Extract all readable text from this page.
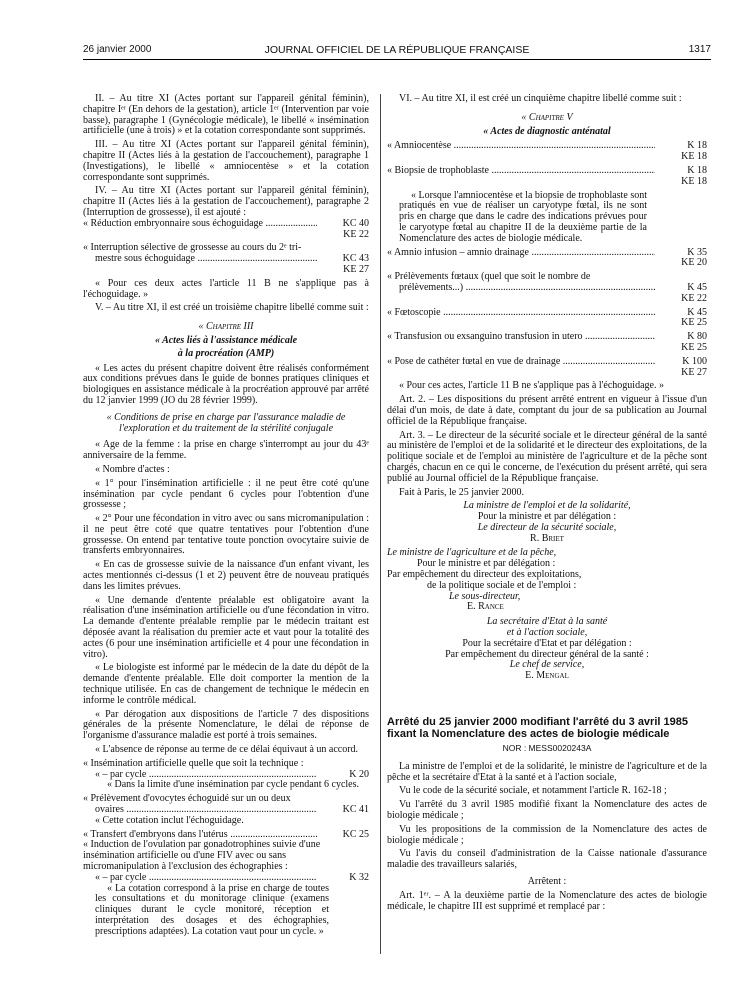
26 janvier 2000	JOURNAL OFFICIEL DE LA RÉPUBLIQUE FRANÇAISE	1317

II. – Au titre XI (Actes portant sur l'appareil génital féminin), chapitre Iᵉʳ (En dehors de la gestation), article 1ᵉʳ (Intervention par voie basse), paragraphe 1 (Gynécologie médicale), le libellé « insémination artificielle (une à trois) » et la cotation correspondante sont supprimés.

III. – Au titre XI (Actes portant sur l'appareil génital féminin), chapitre II (Actes liés à la gestation de l'accouchement), paragraphe 1 (Investigations), le libellé « amniocentèse » et la cotation correspondante sont supprimés.

IV. – Au titre XI (Actes portant sur l'appareil génital féminin), chapitre II (Actes liés à la gestation de l'accouchement), paragraphe 2 (Interruption de grossesse), il est ajouté :

« Réduction embryonnaire sous échoguidage .....	KC 40
KE 22
« Interruption sélective de grossesse au cours du 2ᵉ tri-
mestre sous échoguidage .....	KC 43
KE 27

« Pour ces deux actes l'article 11 B ne s'applique pas à l'échoguidage. »

V. – Au titre XI, il est créé un troisième chapitre libellé comme suit :

« Chapitre III

« Actes liés à l'assistance médicale

à la procréation (AMP)

« Les actes du présent chapitre doivent être réalisés conformément aux conditions prévues dans le guide de bonnes pratiques cliniques et biologiques en assistance médicale à la procréation approuvé par arrêté du 12 janvier 1999 (JO du 28 février 1999).

« Conditions de prise en charge par l'assurance maladie de l'exploration et du traitement de la stérilité conjugale

« Age de la femme : la prise en charge s'interrompt au jour du 43ᵉ anniversaire de la femme.

« Nombre d'actes :

« 1° pour l'insémination artificielle : il ne peut être coté qu'une insémination par cycle pendant 6 cycles pour l'obtention d'une grossesse ;

« 2° Pour une fécondation in vitro avec ou sans micromanipulation : il ne peut être coté que quatre tentatives pour l'obtention d'une grossesse. On entend par tentative toute ponction ovocytaire suivie de transferts embryonnaires.

« En cas de grossesse suivie de la naissance d'un enfant vivant, les actes mentionnés ci-dessus (1 et 2) peuvent être de nouveau pratiqués dans les limites prévues.

« Une demande d'entente préalable est obligatoire avant la réalisation d'une insémination artificielle ou d'une fécondation in vitro. La demande d'entente préalable remplie par le médecin traitant est déposée avant la réalisation du premier acte et vaut pour la totalité des actes (6 pour une insémination artificielle et 4 pour une fécondation in vitro).

« Le biologiste est informé par le médecin de la date du dépôt de la demande d'entente préalable. Elle doit comporter la mention de la technique utilisée. En cas de changement de technique le médecin en informe le contrôle médical.

« Par dérogation aux dispositions de l'article 7 des dispositions générales de la présente Nomenclature, le délai de réponse de l'organisme d'assurance maladie est porté à trois semaines.

« L'absence de réponse au terme de ce délai équivaut à un accord.

« Insémination artificielle quelle que soit la technique :
« – par cycle .....	K 20

« Dans la limite d'une insémination par cycle pendant 6 cycles.

« Prélèvement d'ovocytes échoguidé sur un ou deux
ovaires .....	KC 41

« Cette cotation inclut l'échoguidage.

« Transfert d'embryons dans l'utérus .....	KC 25
« Induction de l'ovulation par gonadotrophines suivie d'une insémination artificielle ou d'une FIV avec ou sans micromanipulation à l'exclusion des échographies :
« – par cycle .....	K 32

« La cotation correspond à la prise en charge de toutes les consultations et du monitorage clinique (examens cliniques durant le cycle monitoré, réception et interprétation des dosages et des échographies, prescriptions adaptées). La cotation vaut pour un cycle. »

VI. – Au titre XI, il est créé un cinquième chapitre libellé comme suit :

« Chapitre V

« Actes de diagnostic anténatal

« Amniocentèse .....	K 18
KE 18
« Biopsie de trophoblaste .....	K 18
KE 18

« Lorsque l'amniocentèse et la biopsie de trophoblaste sont pratiqués en vue de réaliser un caryotype fœtal, ils ne sont pris en charge que dans le cadre des indications prévues pour le caryotype fœtal au chapitre II de la deuxième partie de la Nomenclature des actes de biologie médicale.

« Amnio infusion – amnio drainage .....	K 35
KE 20
« Prélèvements fœtaux (quel que soit le nombre de
prélèvements...) .....	K 45
KE 22
« Fœtoscopie .....	K 45
KE 25
« Transfusion ou exsanguino transfusion in utero .....	K 80
KE 25
« Pose de cathéter fœtal en vue de drainage .....	K 100
KE 27

« Pour ces actes, l'article 11 B ne s'applique pas à l'échoguidage. »

Art. 2. – Les dispositions du présent arrêté entrent en vigueur à l'issue d'un délai d'un mois, de date à date, comptant du jour de sa publication au Journal officiel de la République française.

Art. 3. – Le directeur de la sécurité sociale et le directeur général de la santé au ministère de l'emploi et de la solidarité et le directeur des exploitations, de la politique sociale et de l'emploi au ministère de l'agriculture et de la pêche sont chargés, chacun en ce qui le concerne, de l'exécution du présent arrêté, qui sera publié au Journal officiel de la République française.

Fait à Paris, le 25 janvier 2000.

La ministre de l'emploi et de la solidarité,

Pour la ministre et par délégation :

Le directeur de la sécurité sociale,

R. Briet

Le ministre de l'agriculture et de la pêche,

Pour le ministre et par délégation :

Par empêchement du directeur des exploitations,

de la politique sociale et de l'emploi :

Le sous-directeur,

E. Rance

La secrétaire d'Etat à la santé

et à l'action sociale,

Pour la secrétaire d'Etat et par délégation :

Par empêchement du directeur général de la santé :

Le chef de service,

E. Mengal

Arrêté du 25 janvier 2000 modifiant l'arrêté du 3 avril 1985 fixant la Nomenclature des actes de biologie médicale

NOR : MESS0020243A

La ministre de l'emploi et de la solidarité, le ministre de l'agriculture et de la pêche et la secrétaire d'Etat à la santé et à l'action sociale,

Vu le code de la sécurité sociale, et notamment l'article R. 162-18 ;

Vu l'arrêté du 3 avril 1985 modifié fixant la Nomenclature des actes de biologie médicale ;

Vu les propositions de la commission de la Nomenclature des actes de biologie médicale ;

Vu l'avis du conseil d'administration de la Caisse nationale d'assurance maladie des travailleurs salariés,

Arrêtent :

Art. 1ᵉʳ. – A la deuxième partie de la Nomenclature des actes de biologie médicale, le chapitre III est supprimé et remplacé par :
